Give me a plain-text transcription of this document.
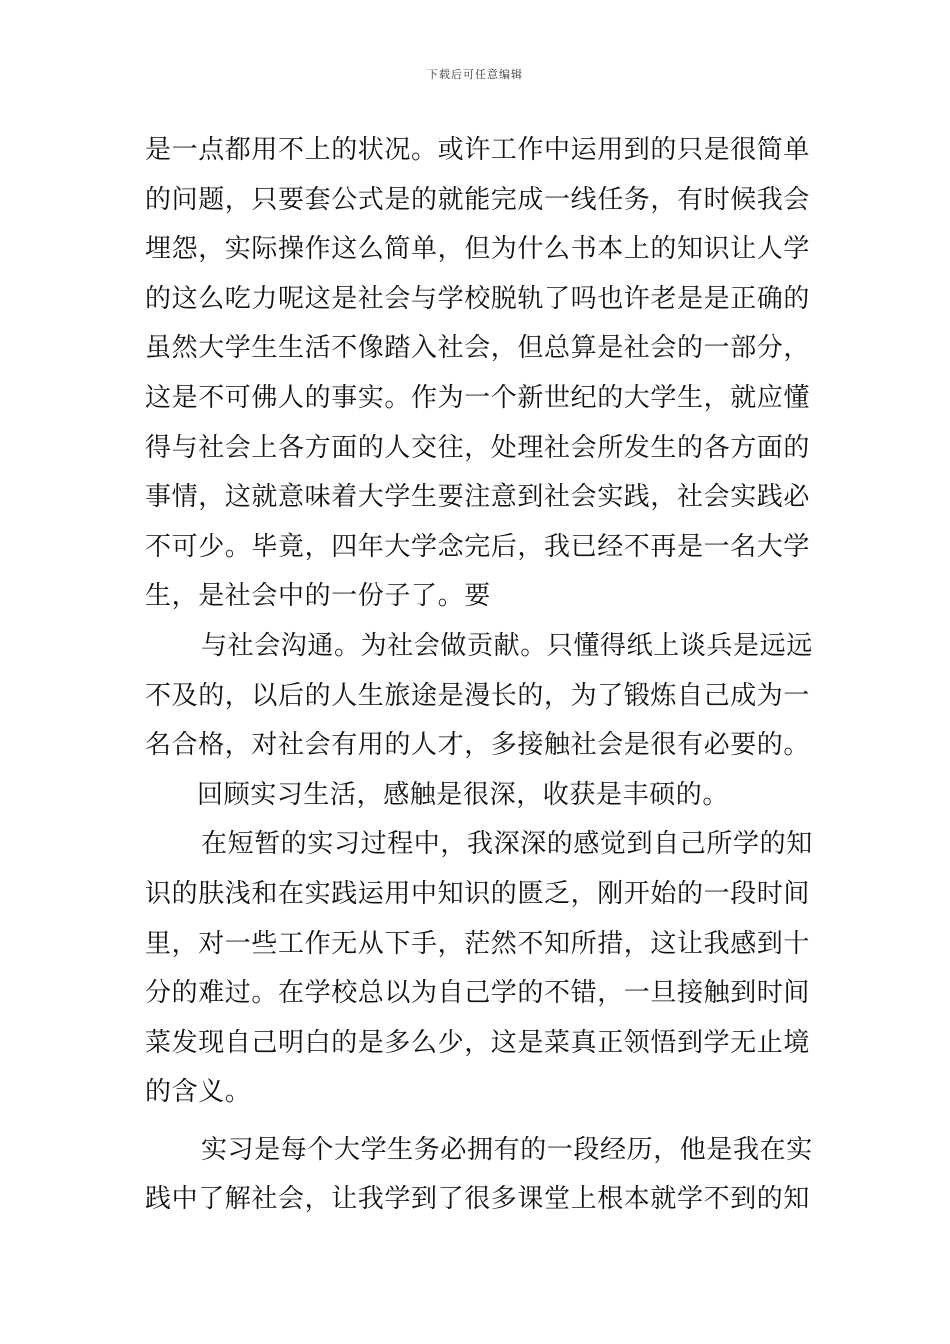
下载后可任意编辑
是一点都用不上的状况。或许工作中运用到的只是很简单
的问题，只要套公式是的就能完成一线任务，有时候我会
埋怨，实际操作这么简单，但为什么书本上的知识让人学
的这么吃力呢这是社会与学校脱轨了吗也许老是是正确的
虽然大学生生活不像踏入社会，但总算是社会的一部分，
这是不可佛人的事实。作为一个新世纪的大学生，就应懂
得与社会上各方面的人交往，处理社会所发生的各方面的
事情，这就意味着大学生要注意到社会实践，社会实践必
不可少。毕竟，四年大学念完后，我已经不再是一名大学
生，是社会中的一份子了。要
与社会沟通。为社会做贡献。只懂得纸上谈兵是远远
不及的，以后的人生旅途是漫长的，为了锻炼自己成为一
名合格，对社会有用的人才，多接触社会是很有必要的。
回顾实习生活，感触是很深，收获是丰硕的。
在短暂的实习过程中，我深深的感觉到自己所学的知
识的肤浅和在实践运用中知识的匮乏，刚开始的一段时间
里，对一些工作无从下手，茫然不知所措，这让我感到十
分的难过。在学校总以为自己学的不错，一旦接触到时间
菜发现自己明白的是多么少，这是菜真正领悟到学无止境
的含义。
实习是每个大学生务必拥有的一段经历，他是我在实
践中了解社会，让我学到了很多课堂上根本就学不到的知
